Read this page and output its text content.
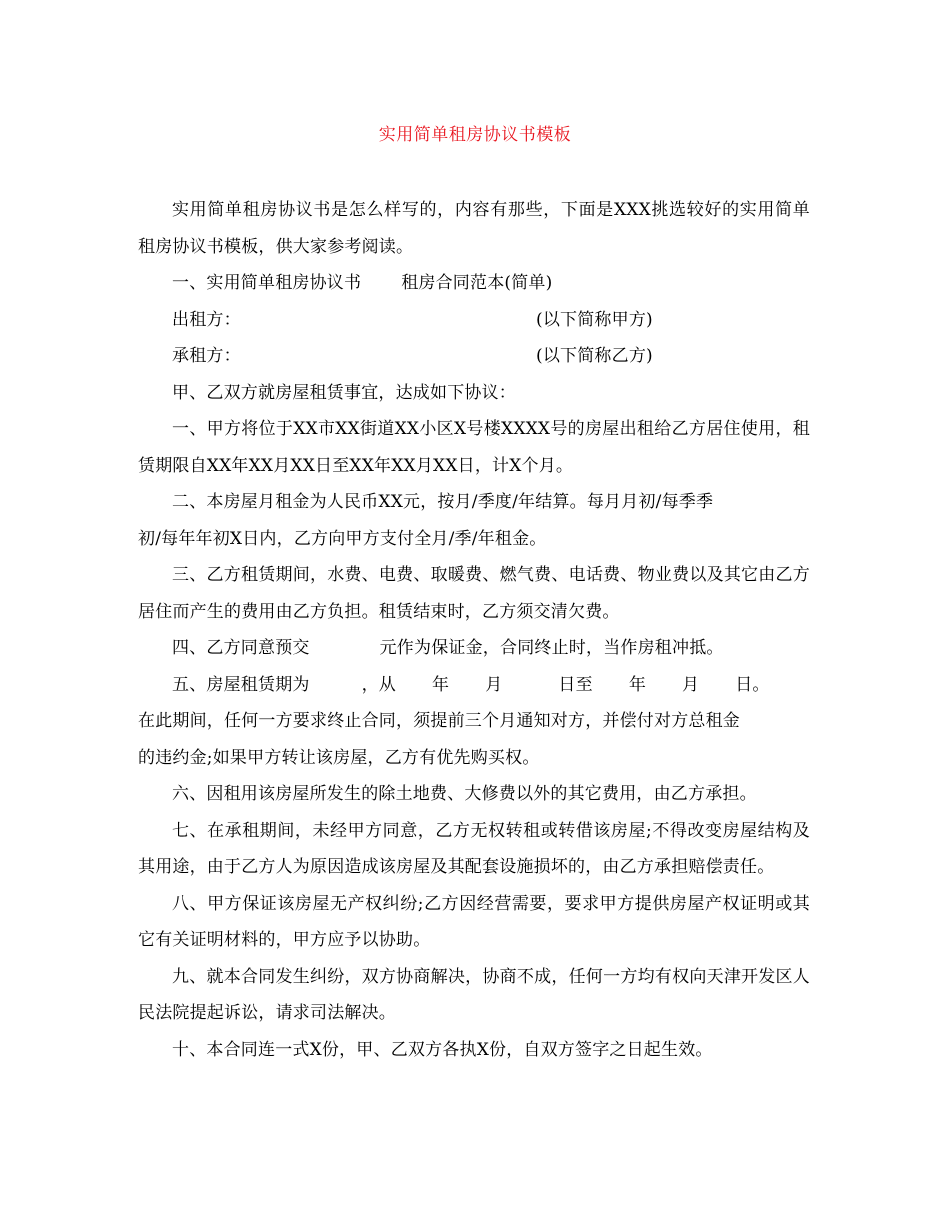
实用简单租房协议书模板

实用简单租房协议书是怎么样写的，内容有那些，下面是XXX挑选较好的实用简单租房协议书模板，供大家参考阅读。

一、实用简单租房协议书 租房合同范本(简单)

出租方：	(以下简称甲方)
承租方：	(以下简称乙方)

甲、乙双方就房屋租赁事宜，达成如下协议：

一、甲方将位于XX市XX街道XX小区X号楼XXXX号的房屋出租给乙方居住使用，租赁期限自XX年XX月XX日至XX年XX月XX日，计X个月。

二、本房屋月租金为人民币XX元，按月/季度/年结算。每月月初/每季季

初/每年年初X日内，乙方向甲方支付全月/季/年租金。

三、乙方租赁期间，水费、电费、取暖费、燃气费、电话费、物业费以及其它由乙方居住而产生的费用由乙方负担。租赁结束时，乙方须交清欠费。

四、乙方同意预交	元作为保证金，合同终止时，当作房租冲抵。

五、房屋租赁期为	，从 年 月	日至 年 月 日。

在此期间，任何一方要求终止合同，须提前三个月通知对方，并偿付对方总租金

的违约金;如果甲方转让该房屋，乙方有优先购买权。

六、因租用该房屋所发生的除土地费、大修费以外的其它费用，由乙方承担。

七、在承租期间，未经甲方同意，乙方无权转租或转借该房屋;不得改变房屋结构及其用途，由于乙方人为原因造成该房屋及其配套设施损坏的，由乙方承担赔偿责任。

八、甲方保证该房屋无产权纠纷;乙方因经营需要，要求甲方提供房屋产权证明或其它有关证明材料的，甲方应予以协助。

九、就本合同发生纠纷，双方协商解决，协商不成，任何一方均有权向天津开发区人民法院提起诉讼，请求司法解决。

十、本合同连一式X份，甲、乙双方各执X份，自双方签字之日起生效。
